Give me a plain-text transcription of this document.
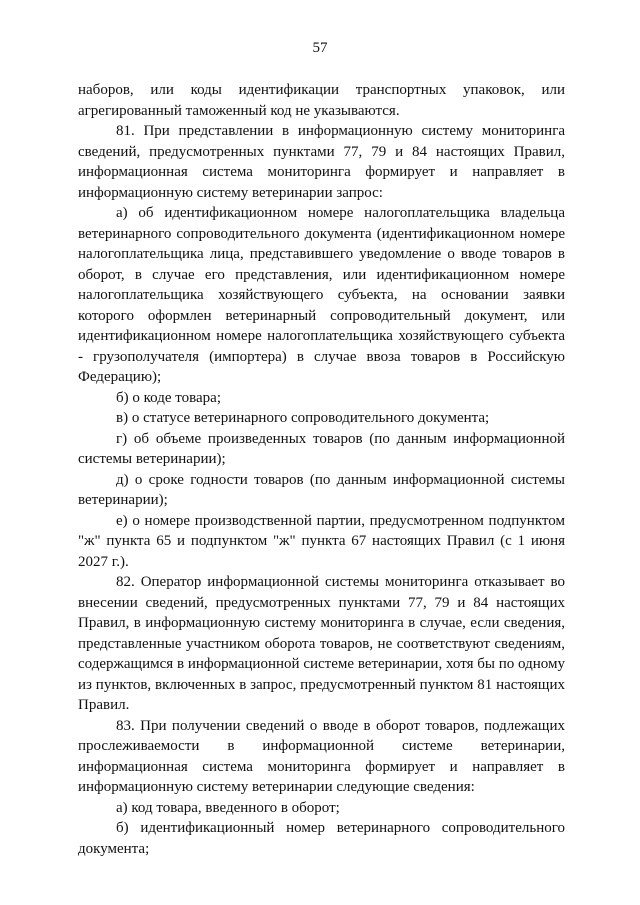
57

наборов, или коды идентификации транспортных упаковок, или агрегированный таможенный код не указываются.

81. При представлении в информационную систему мониторинга сведений, предусмотренных пунктами 77, 79 и 84 настоящих Правил, информационная система мониторинга формирует и направляет в информационную систему ветеринарии запрос:

а) об идентификационном номере налогоплательщика владельца ветеринарного сопроводительного документа (идентификационном номере налогоплательщика лица, представившего уведомление о вводе товаров в оборот, в случае его представления, или идентификационном номере налогоплательщика хозяйствующего субъекта, на основании заявки которого оформлен ветеринарный сопроводительный документ, или идентификационном номере налогоплательщика хозяйствующего субъекта - грузополучателя (импортера) в случае ввоза товаров в Российскую Федерацию);

б) о коде товара;

в) о статусе ветеринарного сопроводительного документа;

г) об объеме произведенных товаров (по данным информационной системы ветеринарии);

д) о сроке годности товаров (по данным информационной системы ветеринарии);

е) о номере производственной партии, предусмотренном подпунктом "ж" пункта 65 и подпунктом "ж" пункта 67 настоящих Правил (с 1 июня 2027 г.).

82. Оператор информационной системы мониторинга отказывает во внесении сведений, предусмотренных пунктами 77, 79 и 84 настоящих Правил, в информационную систему мониторинга в случае, если сведения, представленные участником оборота товаров, не соответствуют сведениям, содержащимся в информационной системе ветеринарии, хотя бы по одному из пунктов, включенных в запрос, предусмотренный пунктом 81 настоящих Правил.

83. При получении сведений о вводе в оборот товаров, подлежащих прослеживаемости в информационной системе ветеринарии, информационная система мониторинга формирует и направляет в информационную систему ветеринарии следующие сведения:

а) код товара, введенного в оборот;

б) идентификационный номер ветеринарного сопроводительного документа;
